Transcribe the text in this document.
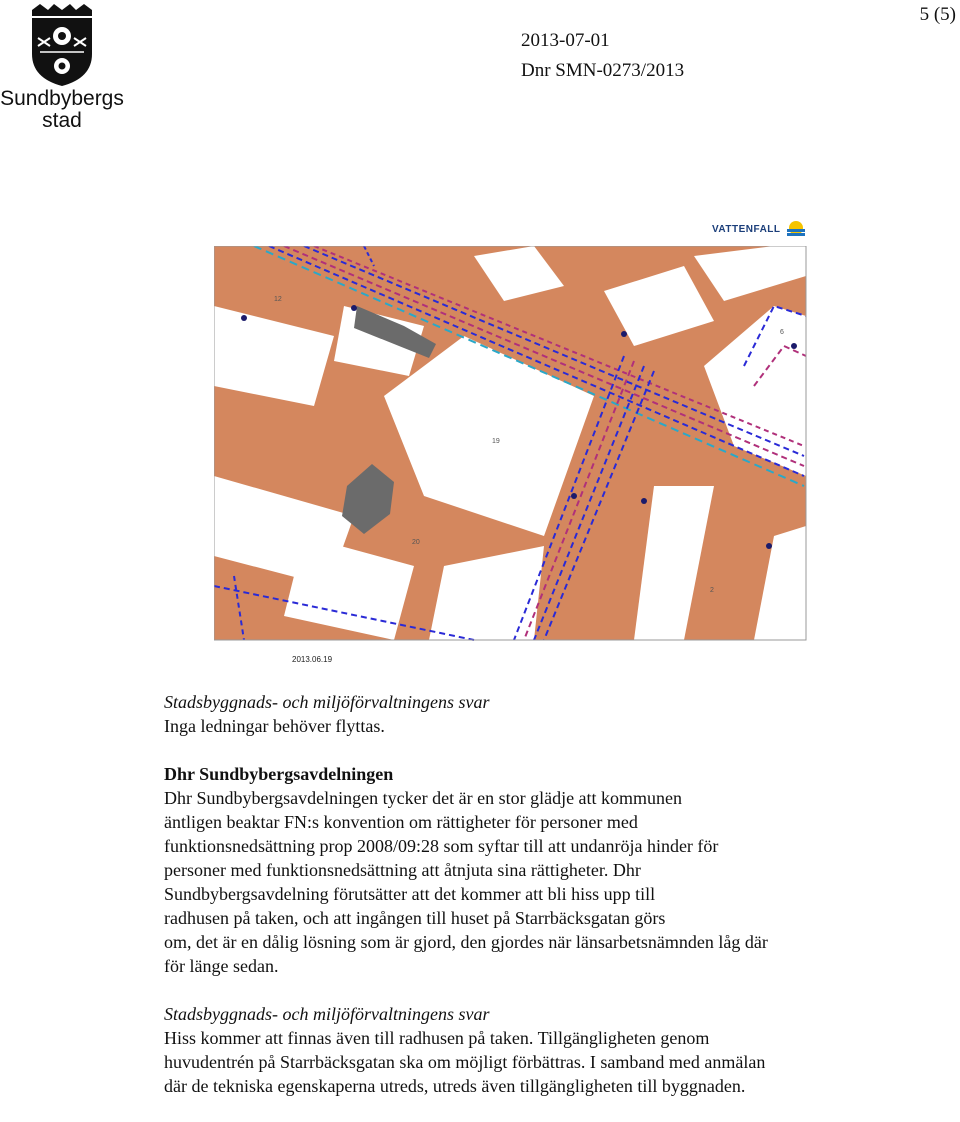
Sundbybergs
stad
5 (5)
2013-07-01
Dnr SMN-0273/2013
VATTENFALL
19
12
6
20
2
2013.06.19

Stadsbyggnads- och miljöförvaltningens svar

Inga ledningar behöver flyttas.

Dhr Sundbybergsavdelningen

Dhr Sundbybergsavdelningen tycker det är en stor glädje att kommunen

äntligen beaktar FN:s konvention om rättigheter för personer med

funktionsnedsättning prop 2008/09:28 som syftar till att undanröja hinder för

personer med funktionsnedsättning att åtnjuta sina rättigheter. Dhr

Sundbybergsavdelning förutsätter att det kommer att bli hiss upp till

radhusen på taken, och att ingången till huset på Starrbäcksgatan görs

om, det är en dålig lösning som är gjord, den gjordes när länsarbetsnämnden låg där

för länge sedan.

Stadsbyggnads- och miljöförvaltningens svar

Hiss kommer att finnas även till radhusen på taken. Tillgängligheten genom

huvudentrén på Starrbäcksgatan ska om möjligt förbättras. I samband med anmälan

där de tekniska egenskaperna utreds, utreds även tillgängligheten till byggnaden.
